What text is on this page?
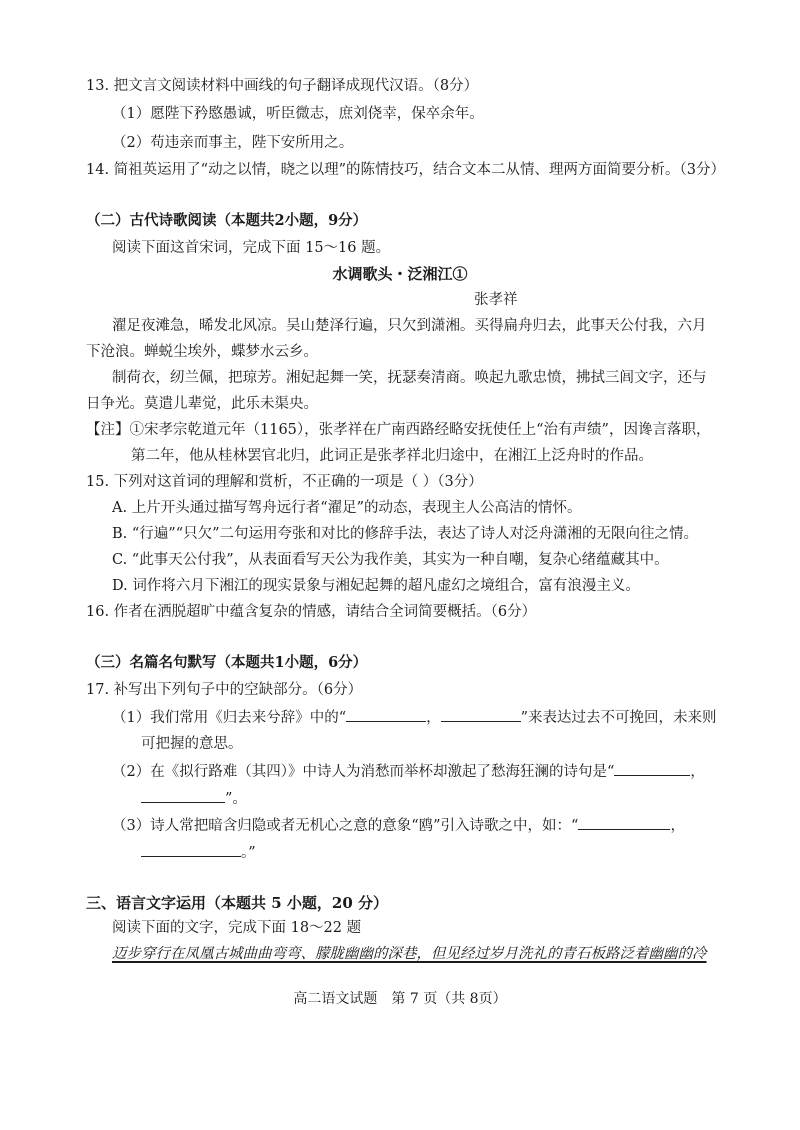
13. 把文言文阅读材料中画线的句子翻译成现代汉语。（8分）
（1）愿陛下矜愍愚诚，听臣微志，庶刘侥幸，保卒余年。
（2）苟违亲而事主，陛下安所用之。
14. 简祖英运用了“动之以情，晓之以理”的陈情技巧，结合文本二从情、理两方面简要分析。（3分）
（二）古代诗歌阅读（本题共2小题，9分）
阅读下面这首宋词，完成下面 15～16 题。
水调歌头・泛湘江①
张孝祥
濯足夜滩急，晞发北风凉。吴山楚泽行遍，只欠到潇湘。买得扁舟归去，此事天公付我，六月
下沧浪。蝉蜕尘埃外，蝶梦水云乡。
制荷衣，纫兰佩，把琼芳。湘妃起舞一笑，抚瑟奏清商。唤起九歌忠愤，拂拭三闾文字，还与
日争光。莫遣儿辈觉，此乐未渠央。
【注】①宋孝宗乾道元年（1165），张孝祥在广南西路经略安抚使任上“治有声绩”，因谗言落职，
第二年，他从桂林罢官北归，此词正是张孝祥北归途中，在湘江上泛舟时的作品。
15. 下列对这首词的理解和赏析，不正确的一项是（ ）（3分）
A. 上片开头通过描写驾舟远行者“濯足”的动态，表现主人公高洁的情怀。
B. “行遍”“只欠”二句运用夸张和对比的修辞手法，表达了诗人对泛舟潇湘的无限向往之情。
C. “此事天公付我”，从表面看写天公为我作美，其实为一种自嘲，复杂心绪蕴藏其中。
D. 词作将六月下湘江的现实景象与湘妃起舞的超凡虚幻之境组合，富有浪漫主义。
16. 作者在洒脱超旷中蕴含复杂的情感，请结合全词简要概括。（6分）
（三）名篇名句默写（本题共1小题，6分）
17. 补写出下列句子中的空缺部分。（6分）
（1）我们常用《归去来兮辞》中的“	，	”来表达过去不可挽回，未来则
可把握的意思。
（2）在《拟行路难（其四）》中诗人为消愁而举杯却激起了愁海狂澜的诗句是“	，
”。
（3）诗人常把暗含归隐或者无机心之意的意象“鸥”引入诗歌之中，如：“	，
。”
三、语言文字运用（本题共 5 小题，20 分）
阅读下面的文字，完成下面 18～22 题
迈步穿行在凤凰古城曲曲弯弯、朦胧幽幽的深巷，但见经过岁月洗礼的青石板路泛着幽幽的冷
高二语文试题　第 7 页（共 8页）
